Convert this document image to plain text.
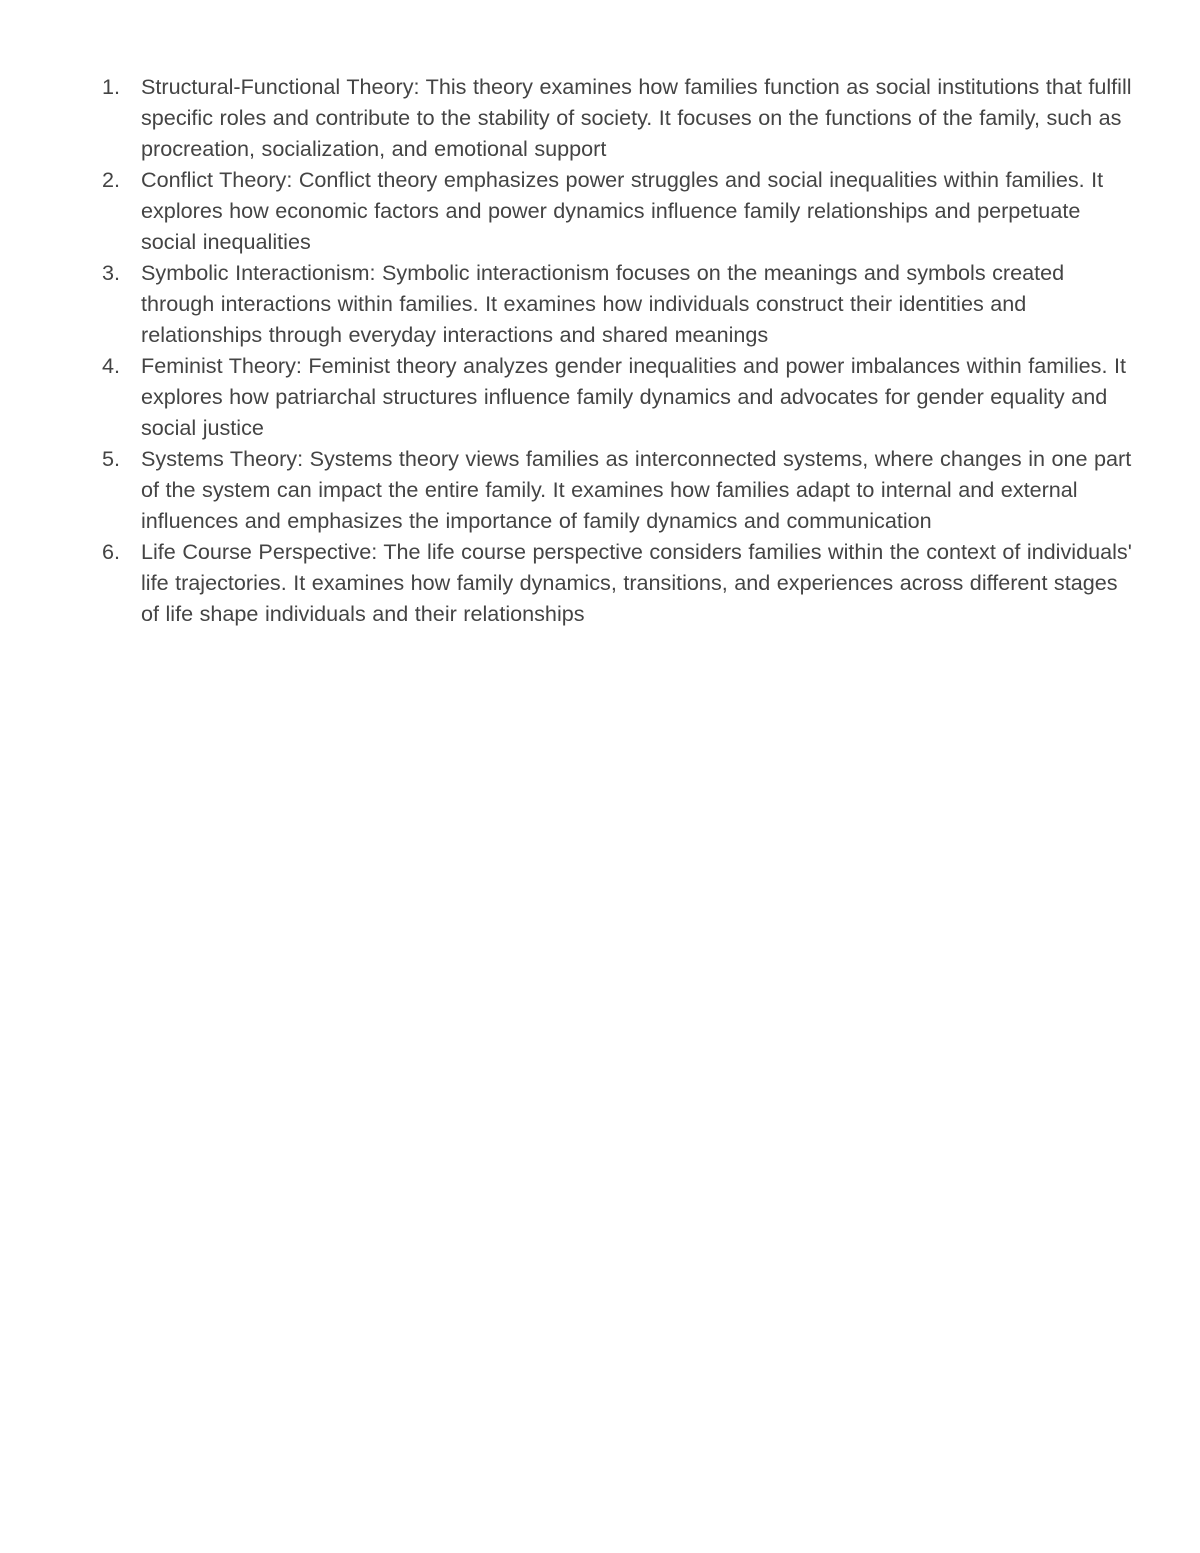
1. Structural-Functional Theory: This theory examines how families function as social institutions that fulfill specific roles and contribute to the stability of society. It focuses on the functions of the family, such as procreation, socialization, and emotional support
2. Conflict Theory: Conflict theory emphasizes power struggles and social inequalities within families. It explores how economic factors and power dynamics influence family relationships and perpetuate social inequalities
3. Symbolic Interactionism: Symbolic interactionism focuses on the meanings and symbols created through interactions within families. It examines how individuals construct their identities and relationships through everyday interactions and shared meanings
4. Feminist Theory: Feminist theory analyzes gender inequalities and power imbalances within families. It explores how patriarchal structures influence family dynamics and advocates for gender equality and social justice
5. Systems Theory: Systems theory views families as interconnected systems, where changes in one part of the system can impact the entire family. It examines how families adapt to internal and external influences and emphasizes the importance of family dynamics and communication
6. Life Course Perspective: The life course perspective considers families within the context of individuals' life trajectories. It examines how family dynamics, transitions, and experiences across different stages of life shape individuals and their relationships
